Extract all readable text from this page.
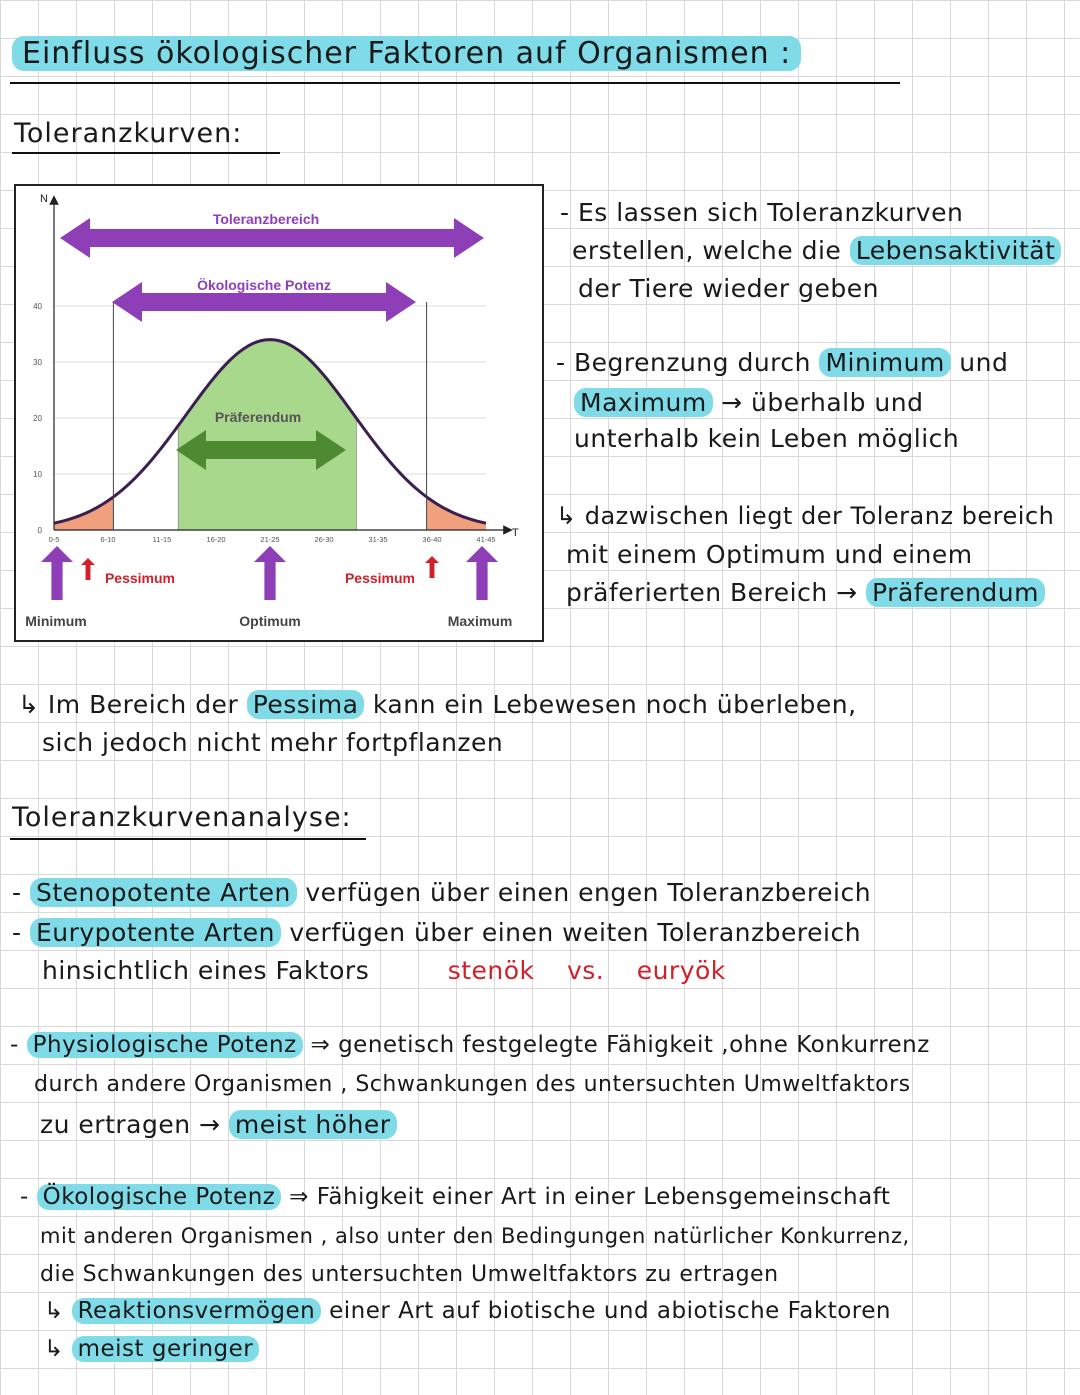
Einfluss ökologischer Faktoren auf Organismen :
Toleranzkurven:
0
10
20
30
40
N
T
0-5	6-10	11-15	16-20	21-25	26-30	31-35	36-40	41-45
Toleranzbereich
Ökologische Potenz
Präferendum
Pessimum	Pessimum
Minimum	Optimum	Maximum
- Es lassen sich Toleranzkurven
erstellen, welche die Lebensaktivität
der Tiere wieder geben
- Begrenzung durch Minimum und
Maximum → überhalb und
unterhalb kein Leben möglich
↳ dazwischen liegt der Toleranz bereich
mit einem Optimum und einem
präferierten Bereich → Präferendum
↳ Im Bereich der Pessima kann ein Lebewesen noch überleben,
sich jedoch nicht mehr fortpflanzen
Toleranzkurvenanalyse:
- Stenopotente Arten verfügen über einen engen Toleranzbereich
- Eurypotente Arten verfügen über einen weiten Toleranzbereich
hinsichtlich eines Faktors	stenök vs. euryök
- Physiologische Potenz ⇒ genetisch festgelegte Fähigkeit ,ohne Konkurrenz
durch andere Organismen , Schwankungen des untersuchten Umweltfaktors
zu ertragen → meist höher
- Ökologische Potenz ⇒ Fähigkeit einer Art in einer Lebensgemeinschaft
mit anderen Organismen , also unter den Bedingungen natürlicher Konkurrenz,
die Schwankungen des untersuchten Umweltfaktors zu ertragen
↳ Reaktionsvermögen einer Art auf biotische und abiotische Faktoren
↳ meist geringer
